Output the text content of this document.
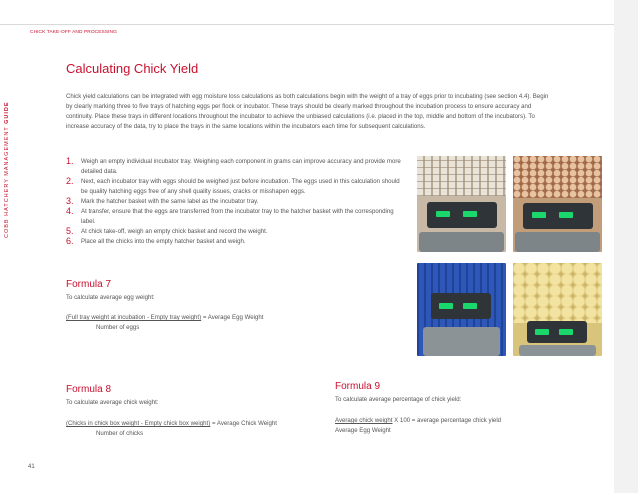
CHICK TAKE-OFF AND PROCESSING
COBB HATCHERY MANAGEMENT GUIDE
Calculating Chick Yield

Chick yield calculations can be integrated with egg moisture loss calculations as both calculations begin with the weight of a tray of eggs prior to incubating (see section 4.4). Begin by clearly marking three to five trays of hatching eggs per flock or incubator. These trays should be clearly marked throughout the incubation process to ensure accuracy and continuity. Place these trays in different locations throughout the incubator to achieve the unbiased calculations (i.e. placed in the top, middle and bottom of the incubators). To increase accuracy of the data, try to place the trays in the same locations within the incubators each time for subsequent calculations.

1. Weigh an empty individual incubator tray. Weighing each component in grams can improve accuracy and provide more detailed data.
2. Next, each incubator tray with eggs should be weighed just before incubation. The eggs used in this calculation should be quality hatching eggs free of any shell quality issues, cracks or misshapen eggs.
3. Mark the hatcher basket with the same label as the incubator tray.
4. At transfer, ensure that the eggs are transferred from the incubator tray to the hatcher basket with the corresponding label.
5. At chick take-off, weigh an empty chick basket and record the weight.
6. Place all the chicks into the empty hatcher basket and weigh.
Formula 7
To calculate average egg weight:
(Full tray weight at incubation - Empty tray weight) = Average Egg Weight
Number of eggs
Formula 8
To calculate average chick weight:
(Chicks in chick box weight - Empty chick box weight) = Average Chick Weight
Number of chicks
Formula 9
To calculate average percentage of chick yield:
Average chick weight X 100 = average percentage chick yield
Average Egg Weight
41
